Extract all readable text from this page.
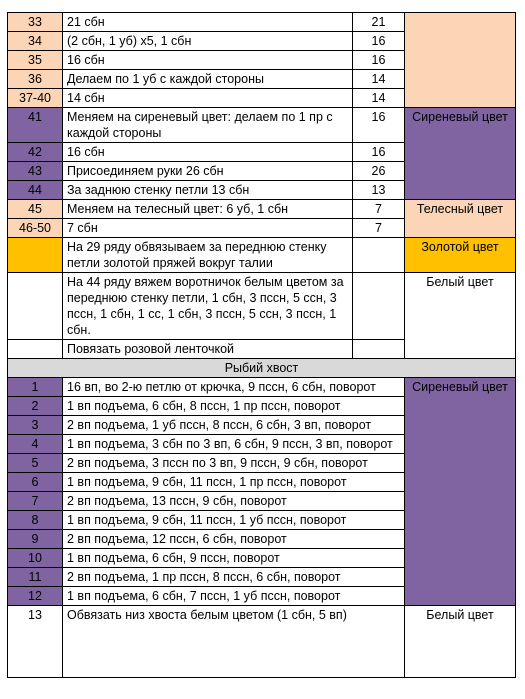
33	21 сбн	21	
34	(2 сбн, 1 уб) х5, 1 сбн	16	
35	16 сбн	16	
36	Делаем по 1 уб с каждой стороны	14	
37-40	14 сбн	14	
41	Меняем на сиреневый цвет: делаем по 1 пр с каждой стороны	16	Сиреневый цвет
42	16 сбн	16	
43	Присоединяем руки 26 сбн	26	
44	За заднюю стенку петли 13 сбн	13	
45	Меняем на телесный цвет: 6 уб, 1 сбн	7	Телесный цвет
46-50	7 сбн	7	
	На 29 ряду обвязываем за переднюю стенку петли золотой пряжей вокруг талии		Золотой цвет
	На 44 ряду вяжем воротничок белым цветом за переднюю стенку петли, 1 сбн, 3 пссн, 5 ссн, 3 пссн, 1 сбн, 1 сс, 1 сбн, 3 пссн, 5 ссн, 3 пссн, 1 сбн.		Белый цвет
	Повязать розовой ленточкой		
Рыбий хвост			
1	16 вп, во 2-ю петлю от крючка, 9 пссн, 6 сбн, поворот		Сиреневый цвет
2	1 вп подъема, 6 сбн, 8 пссн, 1 пр пссн, поворот		
3	2 вп подъема, 1 уб пссн, 8 пссн, 6 сбн, 3 вп, поворот		
4	1 вп подъема, 3 сбн по 3 вп, 6 сбн, 9 пссн, 3 вп, поворот		
5	2 вп подъема, 3 пссн по 3 вп, 9 пссн, 9 сбн, поворот		
6	1 вп подъема, 9 сбн, 11 пссн, 1 пр пссн, поворот		
7	2 вп подъема, 13 пссн, 9 сбн, поворот		
8	1 вп подъема, 9 сбн, 11 пссн, 1 уб пссн, поворот		
9	2 вп подъема, 12 пссн, 6 сбн, поворот		
10	1 вп подъема, 6 сбн, 9 пссн, поворот		
11	2 вп подъема, 1 пр пссн, 8 пссн, 6 сбн, поворот		
12	1 вп подъема, 6 сбн, 7 пссн, 1 уб пссн, поворот		
13	Обвязать низ хвоста белым цветом (1 сбн, 5 вп)		Белый цвет
